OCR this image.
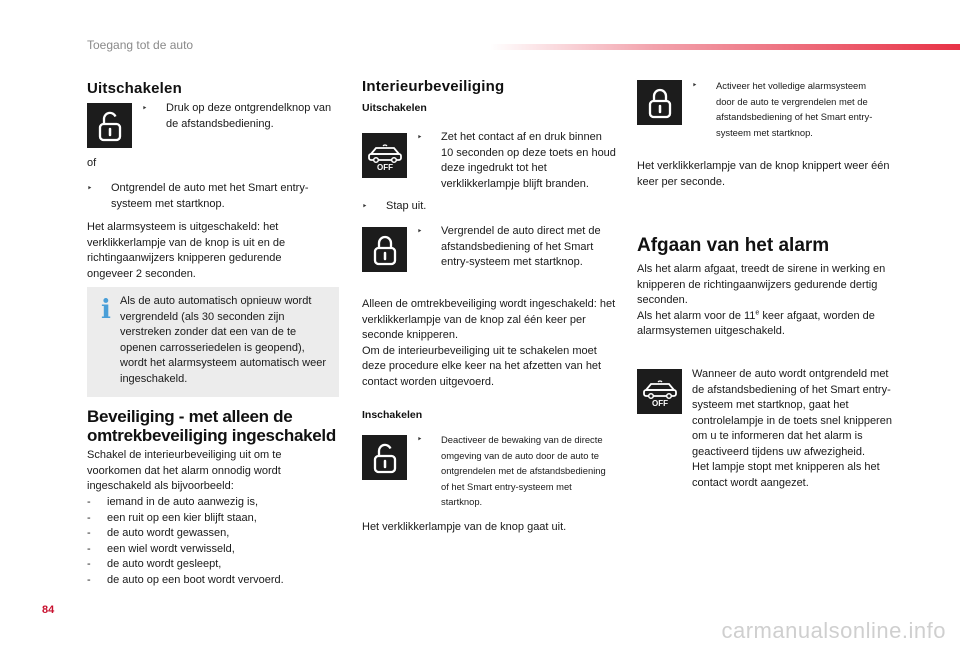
Toegang tot de auto
Uitschakelen
‣	Druk op deze ontgrendelknop van de afstandsbediening.
of
‣	Ontgrendel de auto met het Smart entry-systeem met startknop.
Het alarmsysteem is uitgeschakeld: het verklikkerlampje van de knop is uit en de richtingaanwijzers knipperen gedurende ongeveer 2 seconden.
i Als de auto automatisch opnieuw wordt vergrendeld (als 30 seconden zijn verstreken zonder dat een van de te openen carrosseriedelen is geopend), wordt het alarmsysteem automatisch weer ingeschakeld.
Beveiliging - met alleen de
omtrekbeveiliging ingeschakeld
Schakel de interieurbeveiliging uit om te voorkomen dat het alarm onnodig wordt ingeschakeld als bijvoorbeeld:
-	iemand in de auto aanwezig is,
-	een ruit op een kier blijft staan,
-	de auto wordt gewassen,
-	een wiel wordt verwisseld,
-	de auto wordt gesleept,
-	de auto op een boot wordt vervoerd.
Interieurbeveiliging
Uitschakelen
OFF
‣	Zet het contact af en druk binnen 10 seconden op deze toets en houd deze ingedrukt tot het verklikkerlampje blijft branden.
‣	Stap uit.
‣	Vergrendel de auto direct met de afstandsbediening of het Smart entry-systeem met startknop.
Alleen de omtrekbeveiliging wordt ingeschakeld: het verklikkerlampje van de knop zal één keer per seconde knipperen.
Om de interieurbeveiliging uit te schakelen moet deze procedure elke keer na het afzetten van het contact worden uitgevoerd.
Inschakelen
‣	Deactiveer de bewaking van de directe omgeving van de auto door de auto te ontgrendelen met de afstandsbediening of het Smart entry-systeem met startknop.
Het verklikkerlampje van de knop gaat uit.
‣	Activeer het volledige alarmsysteem door de auto te vergrendelen met de afstandsbediening of het Smart entry-systeem met startknop.
Het verklikkerlampje van de knop knippert weer één keer per seconde.
Afgaan van het alarm
Als het alarm afgaat, treedt de sirene in werking en knipperen de richtingaanwijzers gedurende dertig seconden.
Als het alarm voor de 11e keer afgaat, worden de alarmsystemen uitgeschakeld.
OFF
Wanneer de auto wordt ontgrendeld met de afstandsbediening of het Smart entry-systeem met startknop, gaat het controlelampje in de toets snel knipperen om u te informeren dat het alarm is geactiveerd tijdens uw afwezigheid.
Het lampje stopt met knipperen als het contact wordt aangezet.
84
carmanualsonline.info
